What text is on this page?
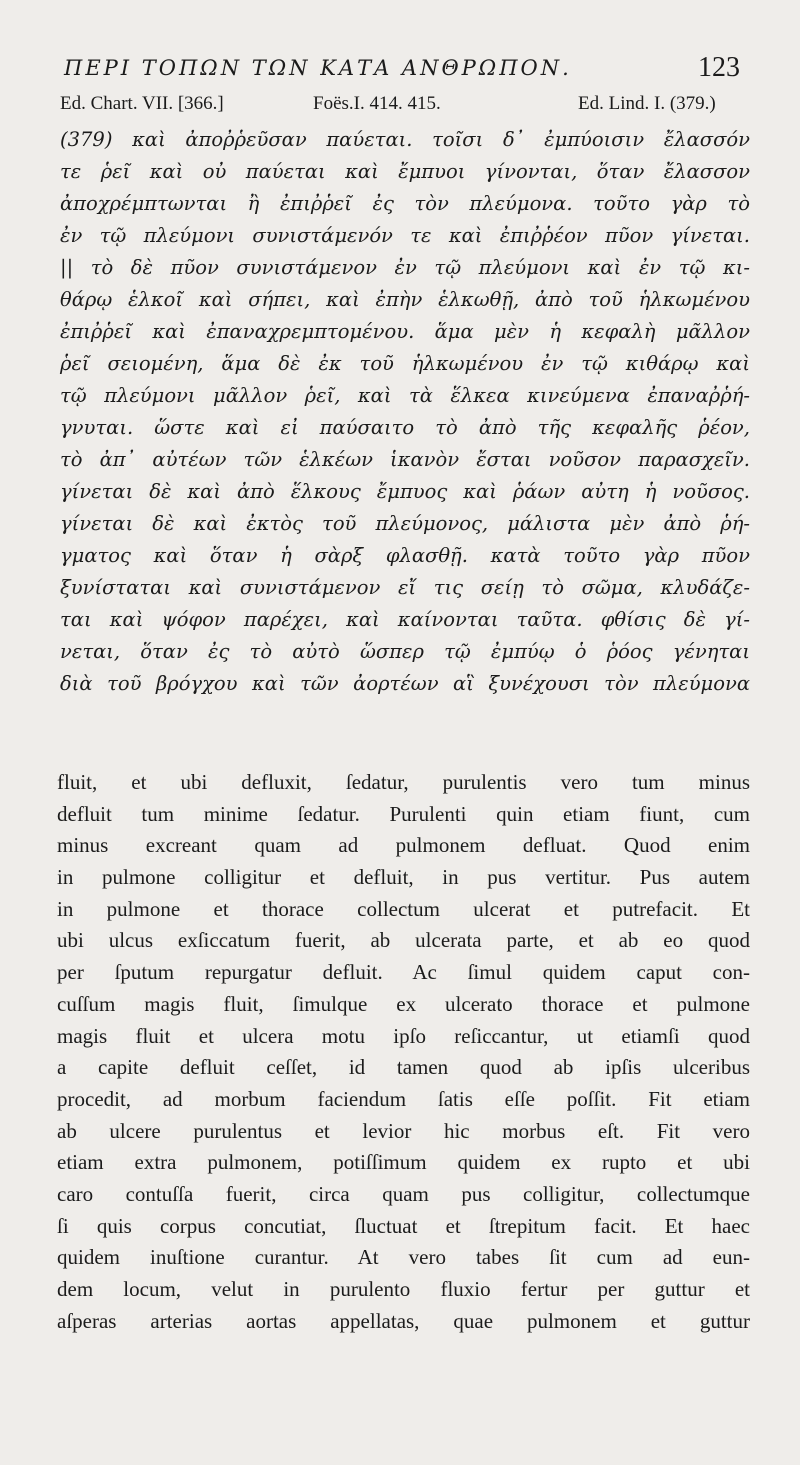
ΠΕΡΙ ΤΟΠΩΝ ΤΩΝ ΚΑΤΑ ΑΝΘΡΩΠΟΝ.	123
Ed. Chart. VII. [366.]	Foës.I. 414. 415.	Ed. Lind. I. (379.)
(379) καὶ ἀποῤῥεῦσαν παύεται. τοῖσι δ᾽ ἐμπύοισιν ἔλασσόν
τε ῥεῖ καὶ οὐ παύεται καὶ ἔμπυοι γίνονται, ὅταν ἔλασσον
ἀποχρέμπτωνται ἢ ἐπιῤῥεῖ ἐς τὸν πλεύμονα. τοῦτο γὰρ τὸ
ἐν τῷ πλεύμονι συνιστάμενόν τε καὶ ἐπιῤῥέον πῦον γίνεται.
|| τὸ δὲ πῦον συνιστάμενον ἐν τῷ πλεύμονι καὶ ἐν τῷ κι-
θάρῳ ἑλκοῖ καὶ σήπει, καὶ ἐπὴν ἑλκωθῇ, ἀπὸ τοῦ ἡλκωμένου
ἐπιῤῥεῖ καὶ ἐπαναχρεμπτομένου. ἅμα μὲν ἡ κεφαλὴ μᾶλλον
ῥεῖ σειομένη, ἅμα δὲ ἐκ τοῦ ἡλκωμένου ἐν τῷ κιθάρῳ καὶ
τῷ πλεύμονι μᾶλλον ῥεῖ, καὶ τὰ ἕλκεα κινεύμενα ἐπαναῤῥή-
γνυται. ὥστε καὶ εἰ παύσαιτο τὸ ἀπὸ τῆς κεφαλῆς ῥέον,
τὸ ἀπ᾽ αὐτέων τῶν ἑλκέων ἱκανὸν ἔσται νοῦσον παρασχεῖν.
γίνεται δὲ καὶ ἀπὸ ἕλκους ἔμπυος καὶ ῥάων αὐτη ἡ νοῦσος.
γίνεται δὲ καὶ ἐκτὸς τοῦ πλεύμονος, μάλιστα μὲν ἀπὸ ῥή-
γματος καὶ ὅταν ἡ σὰρξ φλασθῇ. κατὰ τοῦτο γὰρ πῦον
ξυνίσταται καὶ συνιστάμενον εἴ τις σείῃ τὸ σῶμα, κλυδάζε-
ται καὶ ψόφον παρέχει, καὶ καίνονται ταῦτα. φθίσις δὲ γί-
νεται, ὅταν ἐς τὸ αὐτὸ ὥσπερ τῷ ἐμπύῳ ὁ ῥόος γένηται
διὰ τοῦ βρόγχου καὶ τῶν ἀορτέων αἳ ξυνέχουσι τὸν πλεύμονα
fluit, et ubi defluxit, ſedatur, purulentis vero tum minus
defluit tum minime ſedatur. Purulenti quin etiam fiunt, cum
minus excreant quam ad pulmonem defluat. Quod enim
in pulmone colligitur et defluit, in pus vertitur. Pus autem
in pulmone et thorace collectum ulcerat et putrefacit. Et
ubi ulcus exſiccatum fuerit, ab ulcerata parte, et ab eo quod
per ſputum repurgatur defluit. Ac ſimul quidem caput con-
cuſſum magis fluit, ſimulque ex ulcerato thorace et pulmone
magis fluit et ulcera motu ipſo reſiccantur, ut etiamſi quod
a capite defluit ceſſet, id tamen quod ab ipſis ulceribus
procedit, ad morbum faciendum ſatis eſſe poſſit. Fit etiam
ab ulcere purulentus et levior hic morbus eſt. Fit vero
etiam extra pulmonem, potiſſimum quidem ex rupto et ubi
caro contuſſa fuerit, circa quam pus colligitur, collectumque
ſi quis corpus concutiat, ſluctuat et ſtrepitum facit. Et haec
quidem inuſtione curantur. At vero tabes ſit cum ad eun-
dem locum, velut in purulento fluxio fertur per guttur et
aſperas arterias aortas appellatas, quae pulmonem et guttur
